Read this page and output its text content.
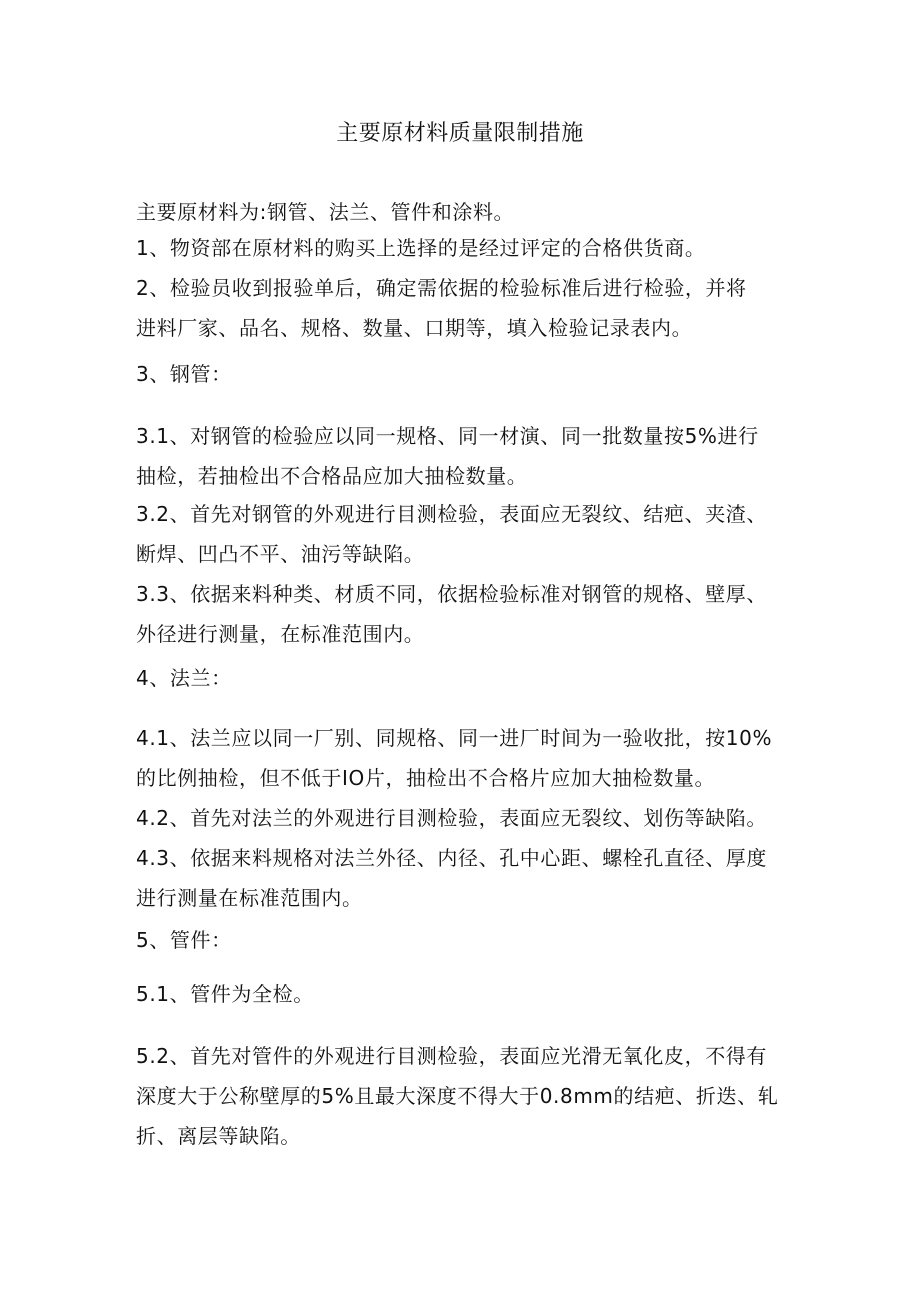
主要原材料质量限制措施
主要原材料为:钢管、法兰、管件和涂料。
1、物资部在原材料的购买上选择的是经过评定的合格供货商。
2、检验员收到报验单后，确定需依据的检验标准后进行检验，并将
进料厂家、品名、规格、数量、口期等，填入检验记录表内。
3、钢管：
3.1、对钢管的检验应以同一规格、同一材演、同一批数量按5%进行
抽检，若抽检出不合格品应加大抽检数量。
3.2、首先对钢管的外观进行目测检验，表面应无裂纹、结疤、夹渣、
断焊、凹凸不平、油污等缺陷。
3.3、依据来料种类、材质不同，依据检验标准对钢管的规格、壁厚、
外径进行测量，在标准范围内。
4、法兰：
4.1、法兰应以同一厂别、同规格、同一进厂时间为一验收批，按10%
的比例抽检，但不低于IO片，抽检出不合格片应加大抽检数量。
4.2、首先对法兰的外观进行目测检验，表面应无裂纹、划伤等缺陷。
4.3、依据来料规格对法兰外径、内径、孔中心距、螺栓孔直径、厚度
进行测量在标准范围内。
5、管件：
5.1、管件为全检。
5.2、首先对管件的外观进行目测检验，表面应光滑无氧化皮，不得有
深度大于公称壁厚的5%且最大深度不得大于0.8mm的结疤、折迭、轧
折、离层等缺陷。
